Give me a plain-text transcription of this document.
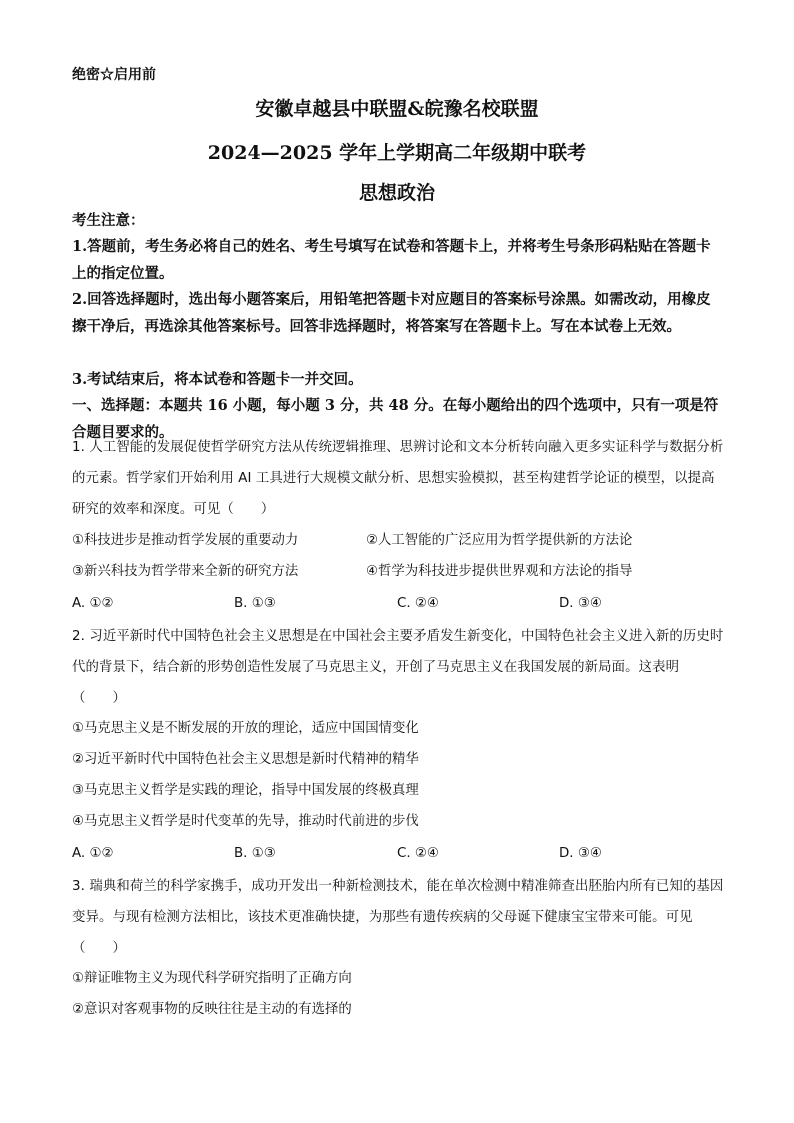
绝密☆启用前
安徽卓越县中联盟&皖豫名校联盟
2024—2025 学年上学期高二年级期中联考
思想政治
考生注意：
1.答题前，考生务必将自己的姓名、考生号填写在试卷和答题卡上，并将考生号条形码粘贴在答题卡上的指定位置。
2.回答选择题时，选出每小题答案后，用铅笔把答题卡对应题目的答案标号涂黑。如需改动，用橡皮擦干净后，再选涂其他答案标号。回答非选择题时，将答案写在答题卡上。写在本试卷上无效。
3.考试结束后，将本试卷和答题卡一并交回。
一、选择题：本题共 16 小题，每小题 3 分，共 48 分。在每小题给出的四个选项中，只有一项是符合题目要求的。
1. 人工智能的发展促使哲学研究方法从传统逻辑推理、思辨讨论和文本分析转向融入更多实证科学与数据分析的元素。哲学家们开始利用 AI 工具进行大规模文献分析、思想实验模拟，甚至构建哲学论证的模型，以提高研究的效率和深度。可见（　　）
①科技进步是推动哲学发展的重要动力	②人工智能的广泛应用为哲学提供新的方法论
③新兴科技为哲学带来全新的研究方法	④哲学为科技进步提供世界观和方法论的指导
A. ①②	B. ①③	C. ②④	D. ③④
2. 习近平新时代中国特色社会主义思想是在中国社会主要矛盾发生新变化，中国特色社会主义进入新的历史时代的背景下，结合新的形势创造性发展了马克思主义，开创了马克思主义在我国发展的新局面。这表明（　　）
①马克思主义是不断发展的开放的理论，适应中国国情变化
②习近平新时代中国特色社会主义思想是新时代精神的精华
③马克思主义哲学是实践的理论，指导中国发展的终极真理
④马克思主义哲学是时代变革的先导，推动时代前进的步伐
A. ①②	B. ①③	C. ②④	D. ③④
3. 瑞典和荷兰的科学家携手，成功开发出一种新检测技术，能在单次检测中精准筛查出胚胎内所有已知的基因变异。与现有检测方法相比，该技术更准确快捷，为那些有遗传疾病的父母诞下健康宝宝带来可能。可见（　　）
①辩证唯物主义为现代科学研究指明了正确方向
②意识对客观事物的反映往往是主动的有选择的
